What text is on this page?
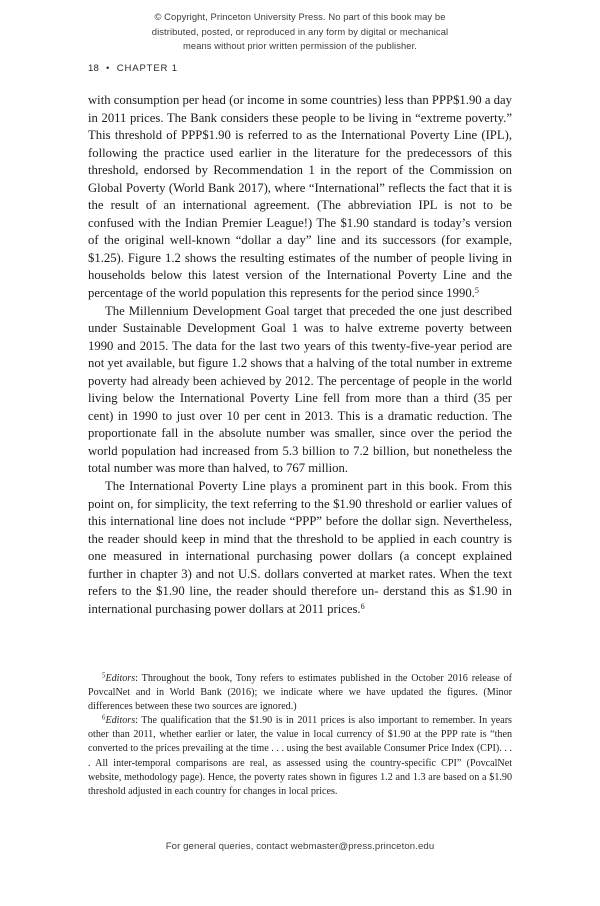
© Copyright, Princeton University Press. No part of this book may be
distributed, posted, or reproduced in any form by digital or mechanical
means without prior written permission of the publisher.
18 • CHAPTER 1

with consumption per head (or income in some countries) less than PPP$1.90 a day in 2011 prices. The Bank considers these people to be living in “extreme poverty.” This threshold of PPP$1.90 is referred to as the International Poverty Line (IPL), following the practice used earlier in the literature for the predecessors of this threshold, endorsed by Recommendation 1 in the report of the Commission on Global Poverty (World Bank 2017), where “International” reflects the fact that it is the result of an international agreement. (The abbreviation IPL is not to be confused with the Indian Premier League!) The $1.90 standard is today’s version of the original well-known “dollar a day” line and its successors (for example, $1.25). Figure 1.2 shows the resulting estimates of the number of people living in households below this latest version of the International Poverty Line and the percentage of the world population this represents for the period since 1990.$^5$

The Millennium Development Goal target that preceded the one just described under Sustainable Development Goal 1 was to halve extreme poverty between 1990 and 2015. The data for the last two years of this twenty-five-year period are not yet available, but figure 1.2 shows that a halving of the total number in extreme poverty had already been achieved by 2012. The percentage of people in the world living below the International Poverty Line fell from more than a third (35 per cent) in 1990 to just over 10 per cent in 2013. This is a dramatic reduction. The proportionate fall in the absolute number was smaller, since over the period the world population had increased from 5.3 billion to 7.2 billion, but nonetheless the total number was more than halved, to 767 million.

The International Poverty Line plays a prominent part in this book. From this point on, for simplicity, the text referring to the $1.90 threshold or earlier values of this international line does not include “PPP” before the dollar sign. Nevertheless, the reader should keep in mind that the threshold to be applied in each country is one measured in international purchasing power dollars (a concept explained further in chapter 3) and not U.S. dollars converted at market rates. When the text refers to the $1.90 line, the reader should therefore un- derstand this as $1.90 in international purchasing power dollars at 2011 prices.$^6$

$^5$Editors: Throughout the book, Tony refers to estimates published in the October 2016 release of PovcalNet and in World Bank (2016); we indicate where we have updated the figures. (Minor differences between these two sources are ignored.)

$^6$Editors: The qualification that the $1.90 is in 2011 prices is also important to remember. In years other than 2011, whether earlier or later, the value in local currency of $1.90 at the PPP rate is “then converted to the prices prevailing at the time . . . using the best available Consumer Price Index (CPI). . . . All inter-temporal comparisons are real, as assessed using the country-specific CPI” (PovcalNet website, methodology page). Hence, the poverty rates shown in figures 1.2 and 1.3 are based on a $1.90 threshold adjusted in each country for changes in local prices.

For general queries, contact webmaster@press.princeton.edu
